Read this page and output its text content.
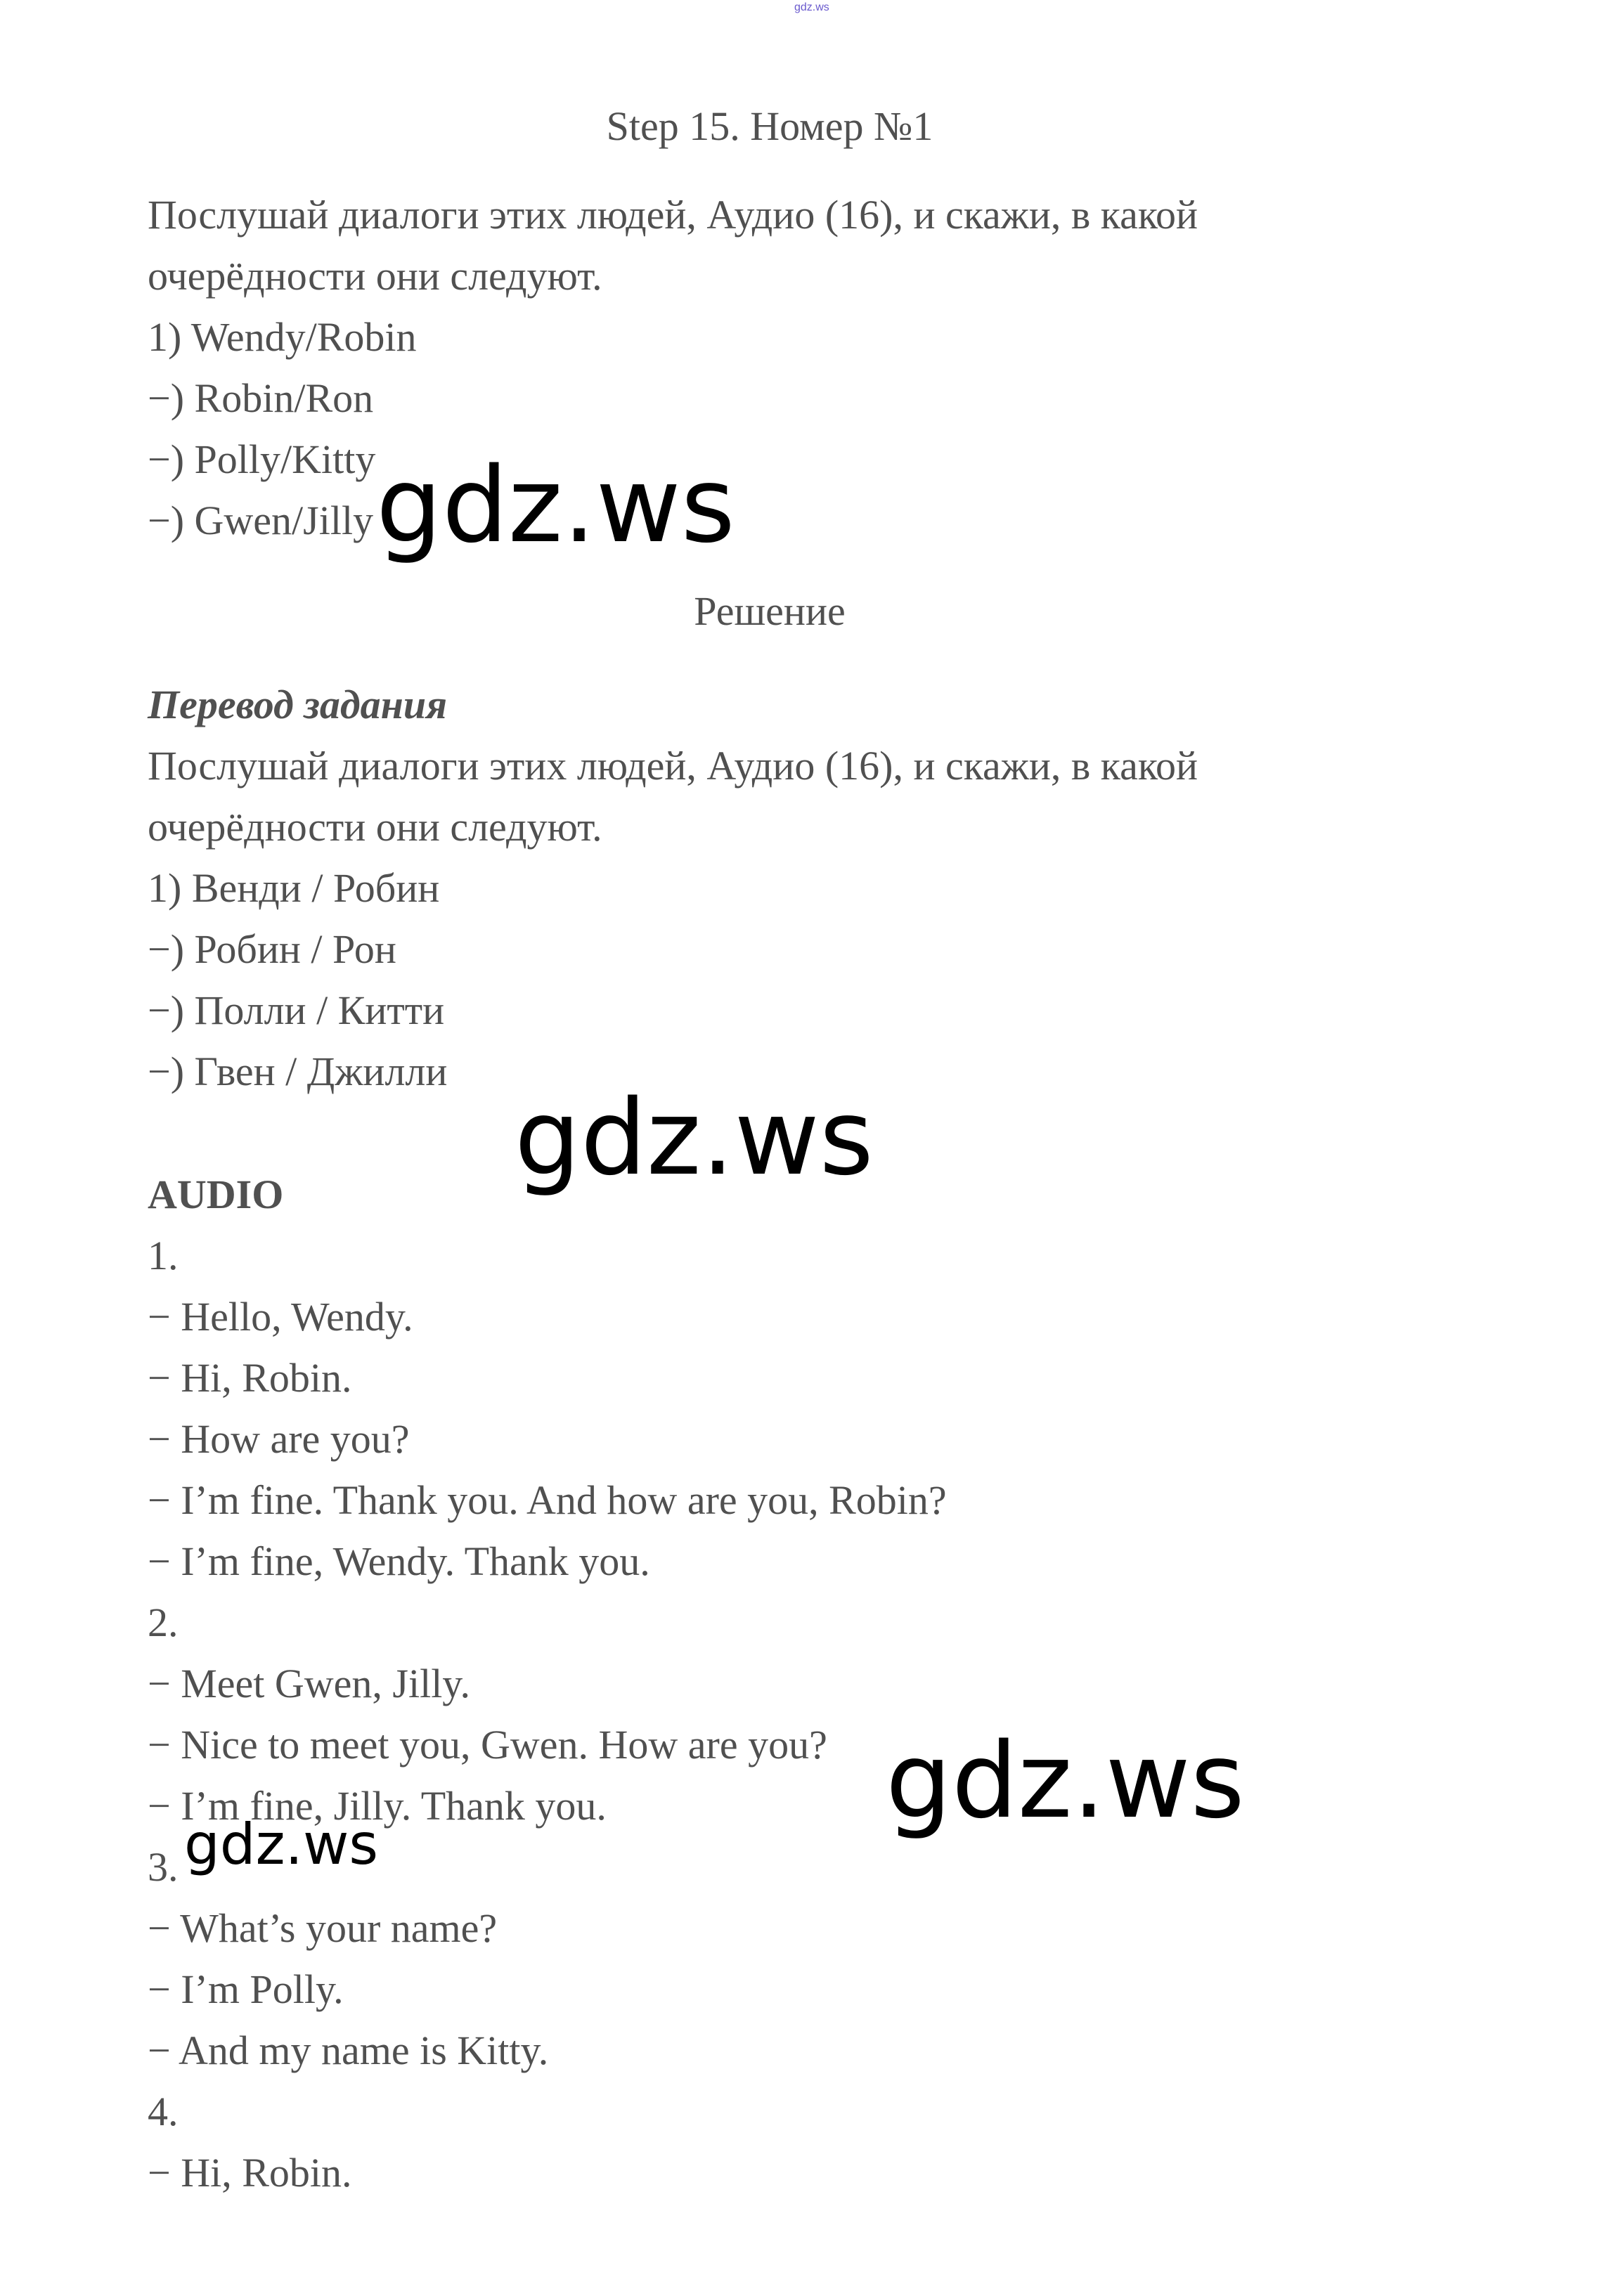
gdz.ws
Step 15. Номер №1
Послушай диалоги этих людей, Аудио (16), и скажи, в какой
очерёдности они следуют.
1) Wendy/Robin
−) Robin/Ron
−) Polly/Kitty
−) Gwen/Jilly
Решение
Перевод задания
Послушай диалоги этих людей, Аудио (16), и скажи, в какой
очерёдности они следуют.
1) Венди / Робин
−) Робин / Рон
−) Полли / Китти
−) Гвен / Джилли
AUDIO
1.
− Hello, Wendy.
− Hi, Robin.
− How are you?
− I’m fine. Thank you. And how are you, Robin?
− I’m fine, Wendy. Thank you.
2.
− Meet Gwen, Jilly.
− Nice to meet you, Gwen. How are you?
− I’m fine, Jilly. Thank you.
3.
− What’s your name?
− I’m Polly.
− And my name is Kitty.
4.
− Hi, Robin.
gdz.ws
gdz.ws
gdz.ws
gdz.ws
